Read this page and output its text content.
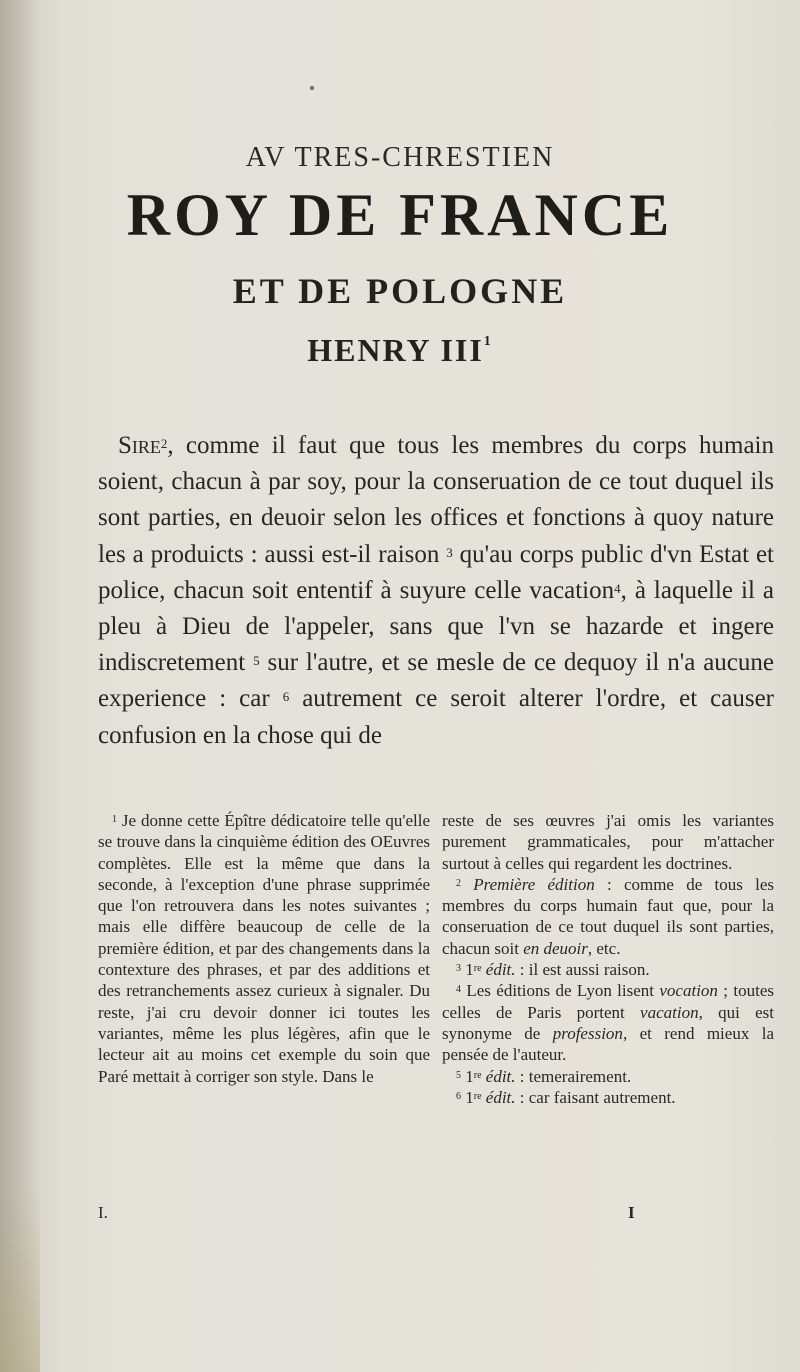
AV TRES-CHRESTIEN
ROY DE FRANCE
ET DE POLOGNE
HENRY III$^1$

Sire$^2$, comme il faut que tous les membres du corps humain soient, chacun à par soy, pour la conseruation de ce tout duquel ils sont parties, en deuoir selon les offices et fonctions à quoy nature les a produicts : aussi est-il raison $^3$ qu'au corps public d'vn Estat et police, chacun soit ententif à suyure celle vacation$^4$, à laquelle il a pleu à Dieu de l'appeler, sans que l'vn se hazarde et ingere indiscretement $^5$ sur l'autre, et se mesle de ce dequoy il n'a aucune experience : car $^6$ autrement ce seroit alterer l'ordre, et causer confusion en la chose qui de

$^1$ Je donne cette Épître dédicatoire telle qu'elle se trouve dans la cinquième édition des OEuvres complètes. Elle est la même que dans la seconde, à l'exception d'une phrase supprimée que l'on retrouvera dans les notes suivantes ; mais elle diffère beaucoup de celle de la première édition, et par des changements dans la contexture des phrases, et par des additions et des retranchements assez curieux à signaler. Du reste, j'ai cru devoir donner ici toutes les variantes, même les plus légères, afin que le lecteur ait au moins cet exemple du soin que Paré mettait à corriger son style. Dans le

reste de ses œuvres j'ai omis les variantes purement grammaticales, pour m'attacher surtout à celles qui regardent les doctrines.

$^2$ Première édition : comme de tous les membres du corps humain faut que, pour la conseruation de ce tout duquel ils sont parties, chacun soit en deuoir, etc.

$^3$ 1re édit. : il est aussi raison.

$^4$ Les éditions de Lyon lisent vocation ; toutes celles de Paris portent vacation, qui est synonyme de profession, et rend mieux la pensée de l'auteur.

$^5$ 1re édit. : temerairement.

$^6$ 1re édit. : car faisant autrement.

I.	I
